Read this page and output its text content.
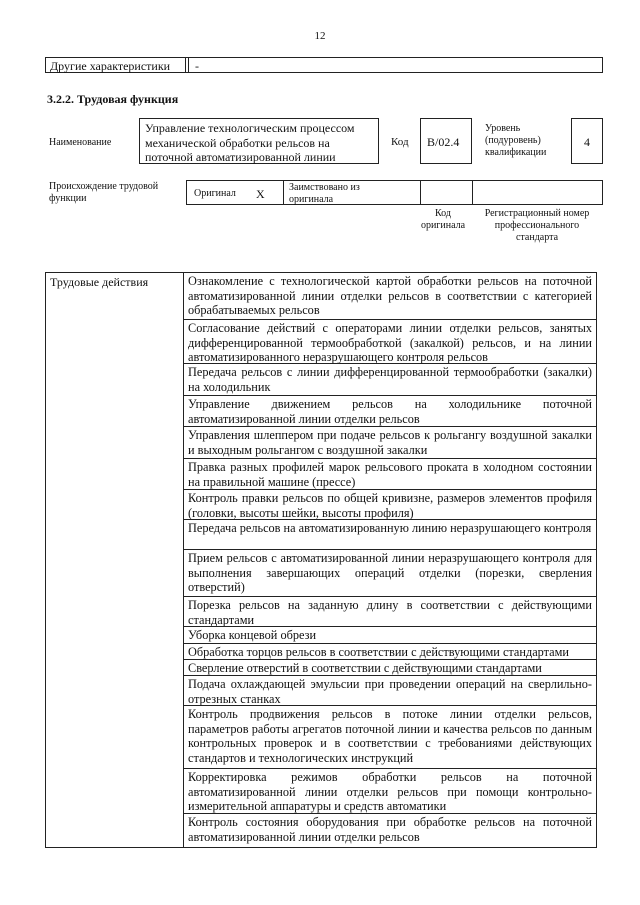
12
Другие характеристики -
3.2.2. Трудовая функция
Наименование
Управление технологическим процессом механической обработки рельсов на поточной автоматизированной линии
Код B/02.4
Уровень (подуровень) квалификации
4
Происхождение трудовой функции	Оригинал X Заимствовано из оригинала
Код оригинала
Регистрационный номер профессионального стандарта
Трудовые действия	Ознакомление с технологической картой обработки рельсов на поточной автоматизированной линии отделки рельсов в соответствии с категорией обрабатываемых рельсов
Согласование действий с операторами линии отделки рельсов, занятых дифференцированной термообработкой (закалкой) рельсов, и на линии автоматизированного неразрушающего контроля рельсов
Передача рельсов с линии дифференцированной термообработки (закалки) на холодильник
Управление движением рельсов на холодильнике поточной автоматизированной линии отделки рельсов
Управления шлеппером при подаче рельсов к рольгангу воздушной закалки и выходным рольгангом с воздушной закалки
Правка разных профилей марок рельсового проката в холодном состоянии на правильной машине (прессе)
Контроль правки рельсов по общей кривизне, размеров элементов профиля (головки, высоты шейки, высоты профиля)
Передача рельсов на автоматизированную линию неразрушающего контроля
Прием рельсов с автоматизированной линии неразрушающего контроля для выполнения завершающих операций отделки (порезки, сверления отверстий)
Порезка рельсов на заданную длину в соответствии с действующими стандартами
Уборка концевой обрези
Обработка торцов рельсов в соответствии с действующими стандартами
Сверление отверстий в соответствии с действующими стандартами
Подача охлаждающей эмульсии при проведении операций на сверлильно-отрезных станках
Контроль продвижения рельсов в потоке линии отделки рельсов, параметров работы агрегатов поточной линии и качества рельсов по данным контрольных проверок и в соответствии с требованиями действующих стандартов и технологических инструкций
Корректировка режимов обработки рельсов на поточной автоматизированной линии отделки рельсов при помощи контрольно-измерительной аппаратуры и средств автоматики
Контроль состояния оборудования при обработке рельсов на поточной автоматизированной линии отделки рельсов
